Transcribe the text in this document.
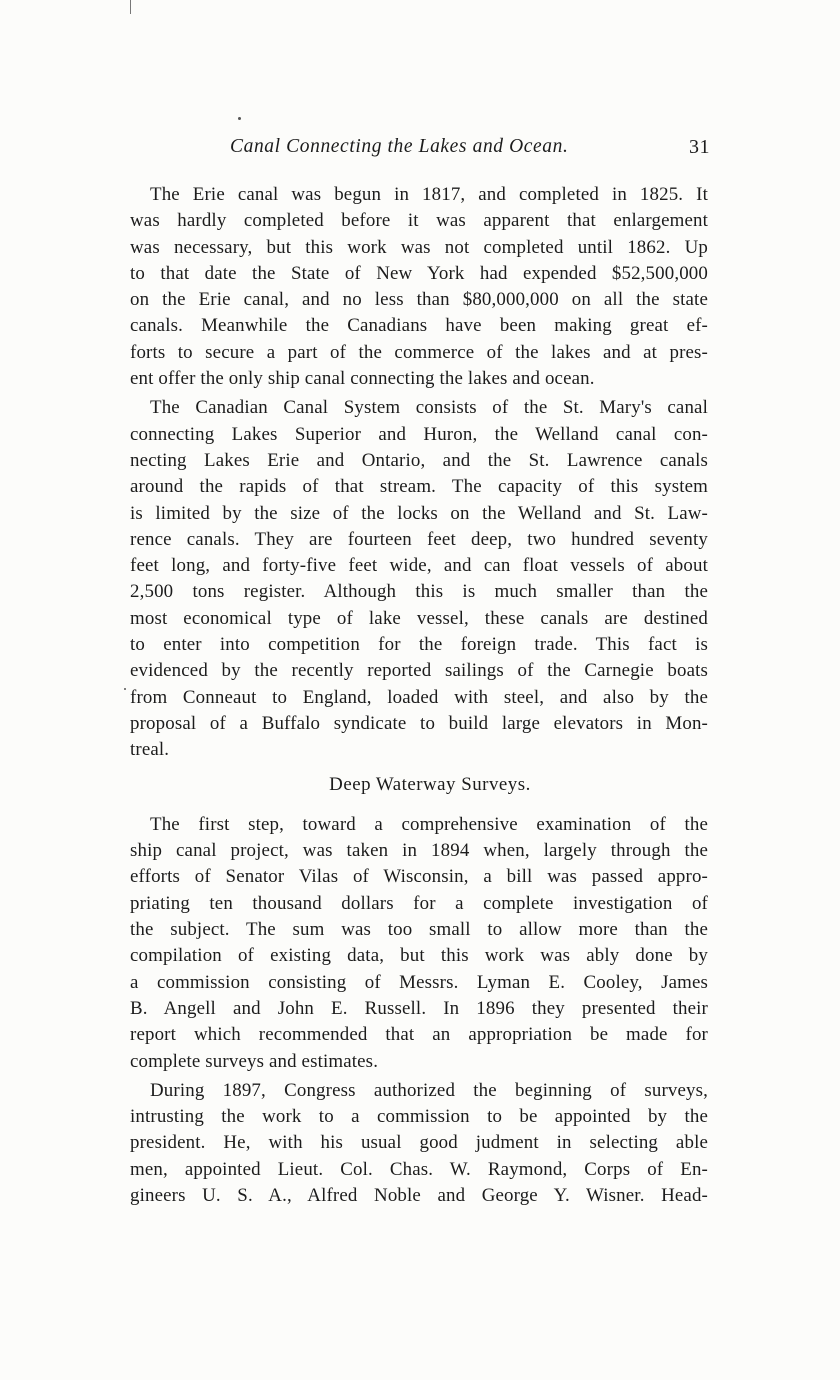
Canal Connecting the Lakes and Ocean.	31
The Erie canal was begun in 1817, and completed in 1825. It
was hardly completed before it was apparent that enlargement
was necessary, but this work was not completed until 1862. Up
to that date the State of New York had expended $52,500,000
on the Erie canal, and no less than $80,000,000 on all the state
canals. Meanwhile the Canadians have been making great ef-
forts to secure a part of the commerce of the lakes and at pres-
ent offer the only ship canal connecting the lakes and ocean.
The Canadian Canal System consists of the St. Mary's canal
connecting Lakes Superior and Huron, the Welland canal con-
necting Lakes Erie and Ontario, and the St. Lawrence canals
around the rapids of that stream. The capacity of this system
is limited by the size of the locks on the Welland and St. Law-
rence canals. They are fourteen feet deep, two hundred seventy
feet long, and forty-five feet wide, and can float vessels of about
2,500 tons register. Although this is much smaller than the
most economical type of lake vessel, these canals are destined
to enter into competition for the foreign trade. This fact is
evidenced by the recently reported sailings of the Carnegie boats
from Conneaut to England, loaded with steel, and also by the
proposal of a Buffalo syndicate to build large elevators in Mon-
treal.
Deep Waterway Surveys.
The first step, toward a comprehensive examination of the
ship canal project, was taken in 1894 when, largely through the
efforts of Senator Vilas of Wisconsin, a bill was passed appro-
priating ten thousand dollars for a complete investigation of
the subject. The sum was too small to allow more than the
compilation of existing data, but this work was ably done by
a commission consisting of Messrs. Lyman E. Cooley, James
B. Angell and John E. Russell. In 1896 they presented their
report which recommended that an appropriation be made for
complete surveys and estimates.
During 1897, Congress authorized the beginning of surveys,
intrusting the work to a commission to be appointed by the
president. He, with his usual good judment in selecting able
men, appointed Lieut. Col. Chas. W. Raymond, Corps of En-
gineers U. S. A., Alfred Noble and George Y. Wisner. Head-
